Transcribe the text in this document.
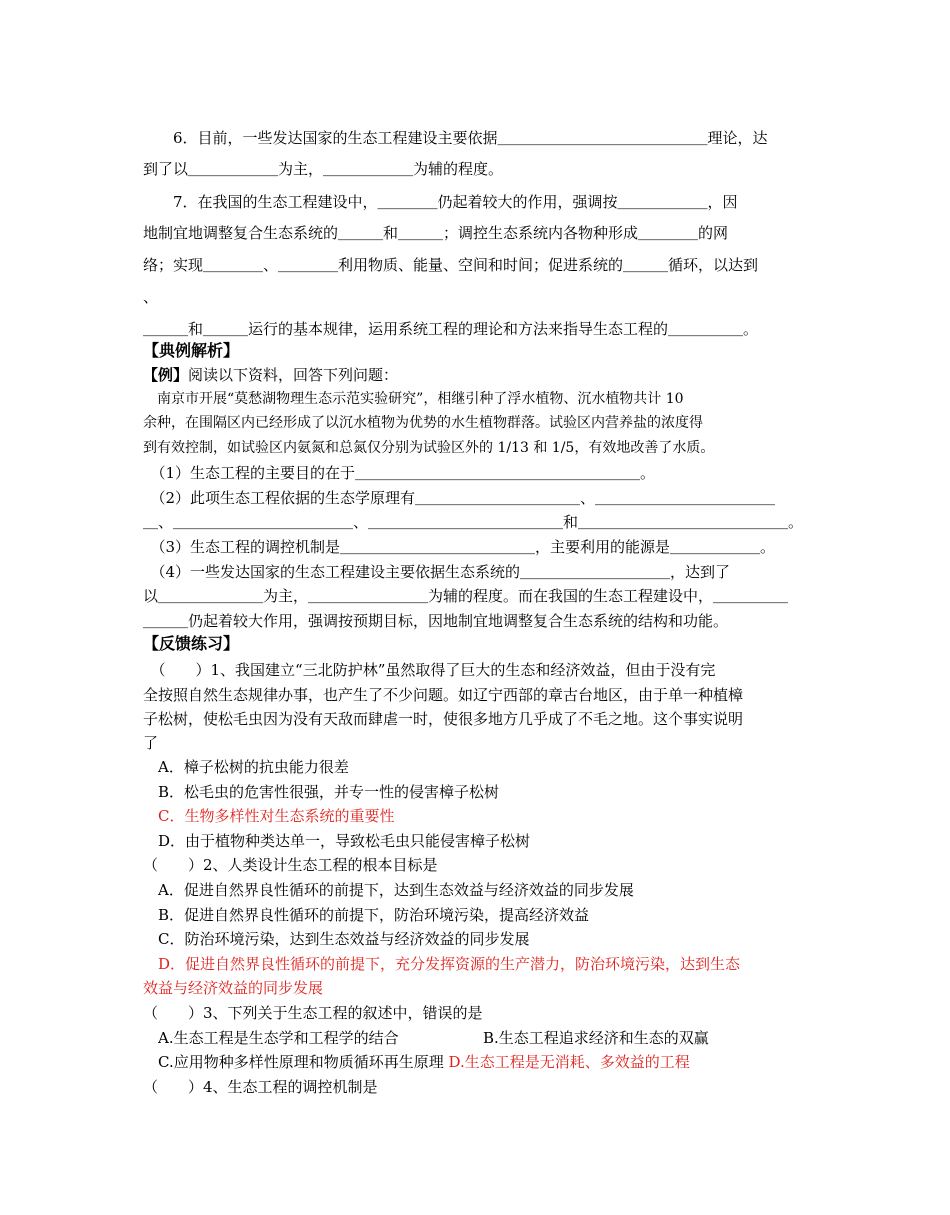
　　6．目前，一些发达国家的生态工程建设主要依据＿＿＿＿＿＿＿＿＿＿＿＿＿＿理论，达
到了以＿＿＿＿＿＿为主，＿＿＿＿＿＿为辅的程度。
　　7．在我国的生态工程建设中，＿＿＿＿仍起着较大的作用，强调按＿＿＿＿＿＿，因
地制宜地调整复合生态系统的＿＿＿和＿＿＿；调控生态系统内各物种形成＿＿＿＿的网
络；实现＿＿＿＿、＿＿＿＿利用物质、能量、空间和时间；促进系统的＿＿＿循环，以达到
、
＿＿＿和＿＿＿运行的基本规律，运用系统工程的理论和方法来指导生态工程的＿＿＿＿＿。
【典例解析】
【例】阅读以下资料，回答下列问题：
　南京市开展“莫愁湖物理生态示范实验研究”，相继引种了浮水植物、沉水植物共计 10
余种，在围隔区内已经形成了以沉水植物为优势的水生植物群落。试验区内营养盐的浓度得
到有效控制，如试验区内氨氮和总氮仅分别为试验区外的 1/13 和 1/5，有效地改善了水质。
　（1）生态工程的主要目的在于＿＿＿＿＿＿＿＿＿＿＿＿＿＿＿＿＿＿＿。
　（2）此项生态工程依据的生态学原理有＿＿＿＿＿＿＿＿＿＿＿、＿＿＿＿＿＿＿＿＿＿＿＿
＿、＿＿＿＿＿＿＿＿＿＿＿＿、＿＿＿＿＿＿＿＿＿＿＿＿＿和＿＿＿＿＿＿＿＿＿＿＿＿＿＿。
　（3）生态工程的调控机制是＿＿＿＿＿＿＿＿＿＿＿＿＿，主要利用的能源是＿＿＿＿＿＿。
　（4）一些发达国家的生态工程建设主要依据生态系统的＿＿＿＿＿＿＿＿＿＿，达到了
以＿＿＿＿＿＿＿为主，＿＿＿＿＿＿＿＿为辅的程度。而在我国的生态工程建设中，＿＿＿＿＿
＿＿＿仍起着较大作用，强调按预期目标，因地制宜地调整复合生态系统的结构和功能。
【反馈练习】
　（　　）1、我国建立“三北防护林”虽然取得了巨大的生态和经济效益，但由于没有完
全按照自然生态规律办事，也产生了不少问题。如辽宁西部的章古台地区，由于单一种植樟
子松树，使松毛虫因为没有天敌而肆虐一时，使很多地方几乎成了不毛之地。这个事实说明
了
　A．樟子松树的抗虫能力很差
　B．松毛虫的危害性很强，并专一性的侵害樟子松树
　C．生物多样性对生态系统的重要性
　D．由于植物种类达单一，导致松毛虫只能侵害樟子松树
（　　）2、人类设计生态工程的根本目标是
　A．促进自然界良性循环的前提下，达到生态效益与经济效益的同步发展
　B．促进自然界良性循环的前提下，防治环境污染，提高经济效益
　C．防治环境污染，达到生态效益与经济效益的同步发展
　D．促进自然界良性循环的前提下，充分发挥资源的生产潜力，防治环境污染，达到生态
效益与经济效益的同步发展
（　　）3、下列关于生态工程的叙述中，错误的是
　A.生态工程是生态学和工程学的结合	B.生态工程追求经济和生态的双赢
　C.应用物种多样性原理和物质循环再生原理 D.生态工程是无消耗、多效益的工程
（　　）4、生态工程的调控机制是
